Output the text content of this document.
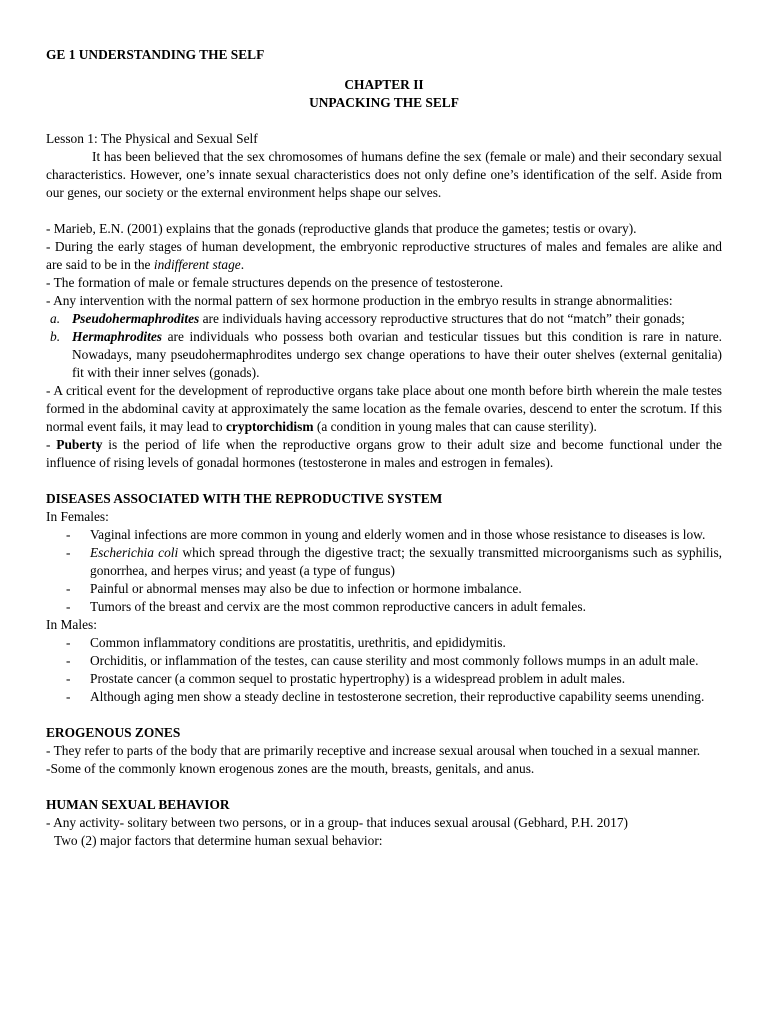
GE 1 UNDERSTANDING THE SELF

CHAPTER II

UNPACKING THE SELF

Lesson 1: The Physical and Sexual Self

It has been believed that the sex chromosomes of humans define the sex (female or male) and their secondary sexual characteristics. However, one’s innate sexual characteristics does not only define one’s identification of the self. Aside from our genes, our society or the external environment helps shape our selves.

- Marieb, E.N. (2001) explains that the gonads (reproductive glands that produce the gametes; testis or ovary).

- During the early stages of human development, the embryonic reproductive structures of males and females are alike and are said to be in the indifferent stage.

- The formation of male or female structures depends on the presence of testosterone.

- Any intervention with the normal pattern of sex hormone production in the embryo results in strange abnormalities:

a. Pseudohermaphrodites are individuals having accessory reproductive structures that do not “match” their gonads;
b. Hermaphrodites are individuals who possess both ovarian and testicular tissues but this condition is rare in nature. Nowadays, many pseudohermaphrodites undergo sex change operations to have their outer shelves (external genitalia) fit with their inner selves (gonads).

- A critical event for the development of reproductive organs take place about one month before birth wherein the male testes formed in the abdominal cavity at approximately the same location as the female ovaries, descend to enter the scrotum. If this normal event fails, it may lead to cryptorchidism (a condition in young males that can cause sterility).

- Puberty is the period of life when the reproductive organs grow to their adult size and become functional under the influence of rising levels of gonadal hormones (testosterone in males and estrogen in females).

DISEASES ASSOCIATED WITH THE REPRODUCTIVE SYSTEM

In Females:

- Vaginal infections are more common in young and elderly women and in those whose resistance to diseases is low.
- Escherichia coli which spread through the digestive tract; the sexually transmitted microorganisms such as syphilis, gonorrhea, and herpes virus; and yeast (a type of fungus)
- Painful or abnormal menses may also be due to infection or hormone imbalance.
- Tumors of the breast and cervix are the most common reproductive cancers in adult females.

In Males:

- Common inflammatory conditions are prostatitis, urethritis, and epididymitis.
- Orchiditis, or inflammation of the testes, can cause sterility and most commonly follows mumps in an adult male.
- Prostate cancer (a common sequel to prostatic hypertrophy) is a widespread problem in adult males.
- Although aging men show a steady decline in testosterone secretion, their reproductive capability seems unending.

EROGENOUS ZONES

- They refer to parts of the body that are primarily receptive and increase sexual arousal when touched in a sexual manner.

-Some of the commonly known erogenous zones are the mouth, breasts, genitals, and anus.

HUMAN SEXUAL BEHAVIOR

- Any activity- solitary between two persons, or in a group- that induces sexual arousal (Gebhard, P.H. 2017)

Two (2) major factors that determine human sexual behavior:
